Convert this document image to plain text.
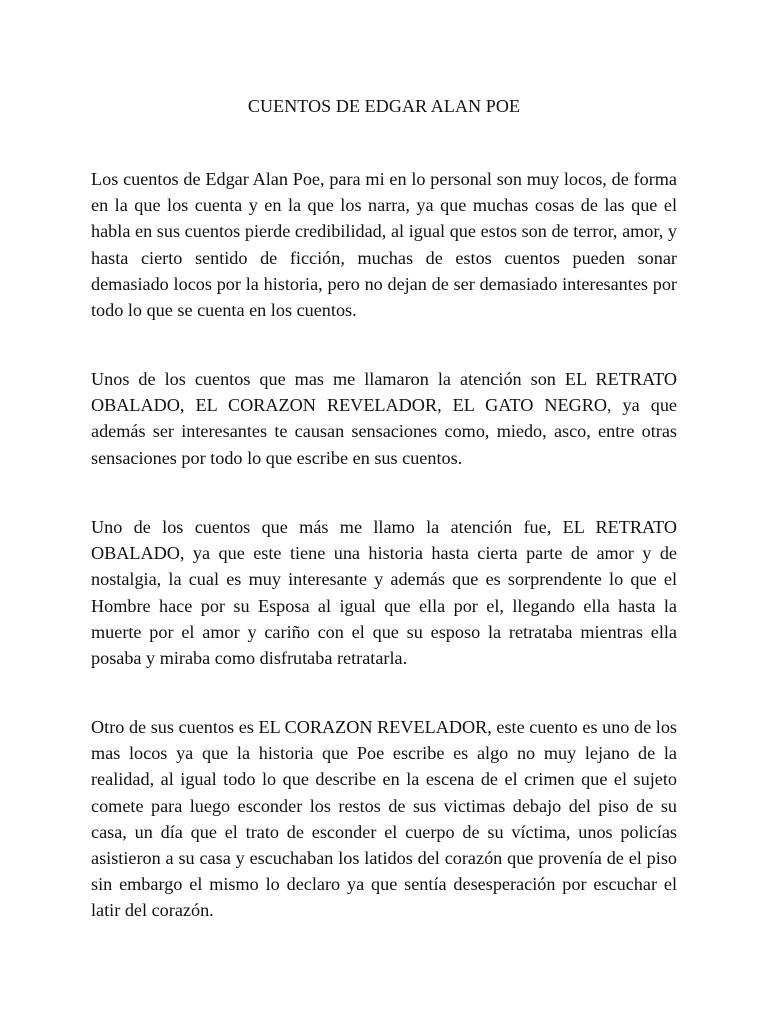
CUENTOS DE EDGAR ALAN POE

Los cuentos de Edgar Alan Poe, para mi en lo personal son muy locos, de forma en la que los cuenta y en la que los narra, ya que muchas cosas de las que el habla en sus cuentos pierde credibilidad, al igual que estos son de terror, amor, y hasta cierto sentido de ficción, muchas de estos cuentos pueden sonar demasiado locos por la historia, pero no dejan de ser demasiado interesantes por todo lo que se cuenta en los cuentos.

Unos de los cuentos que mas me llamaron la atención son EL RETRATO OBALADO, EL CORAZON REVELADOR, EL GATO NEGRO, ya que además ser interesantes te causan sensaciones como, miedo, asco, entre otras sensaciones por todo lo que escribe en sus cuentos.

Uno de los cuentos que más me llamo la atención fue, EL RETRATO OBALADO, ya que este tiene una historia hasta cierta parte de amor y de nostalgia, la cual es muy interesante y además que es sorprendente lo que el Hombre hace por su Esposa al igual que ella por el, llegando ella hasta la muerte por el amor y cariño con el que su esposo la retrataba mientras ella posaba y miraba como disfrutaba retratarla.

Otro de sus cuentos es EL CORAZON REVELADOR, este cuento es uno de los mas locos ya que la historia que Poe escribe es algo no muy lejano de la realidad, al igual todo lo que describe en la escena de el crimen que el sujeto comete para luego esconder los restos de sus victimas debajo del piso de su casa, un día que el trato de esconder el cuerpo de su víctima, unos policías asistieron a su casa y escuchaban los latidos del corazón que provenía de el piso sin embargo el mismo lo declaro ya que sentía desesperación por escuchar el latir del corazón.
